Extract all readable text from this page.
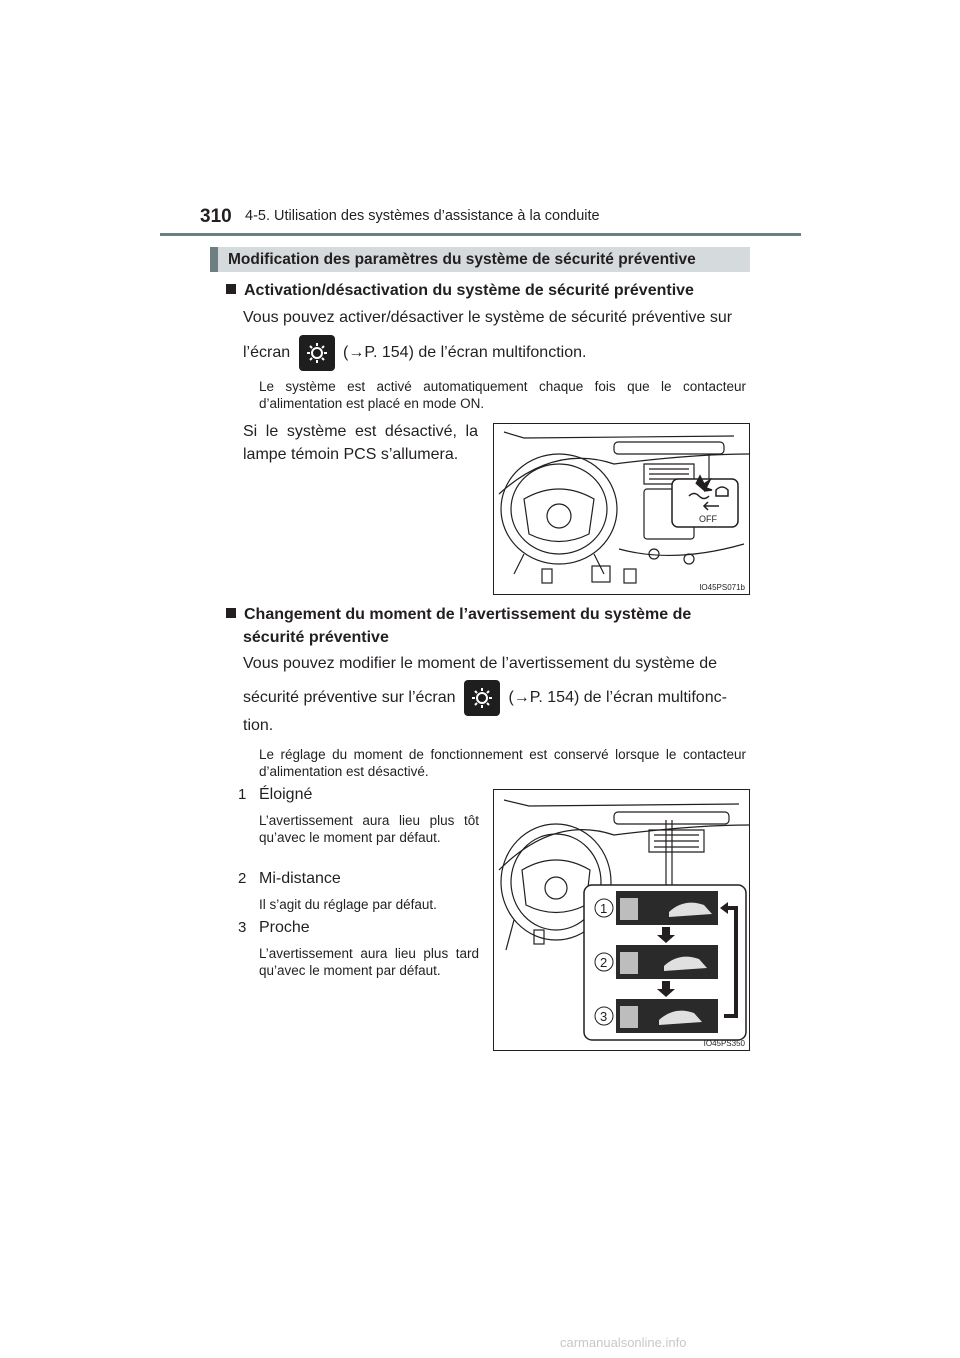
310 4-5. Utilisation des systèmes d’assistance à la conduite
Modification des paramètres du système de sécurité préventive
Activation/désactivation du système de sécurité préventive
Vous pouvez activer/désactiver le système de sécurité préventive sur
l’écran	(→P. 154) de l’écran multifonction.
Le système est activé automatiquement chaque fois que le contacteur d’alimentation est placé en mode ON.
Si le système est désactivé, la lampe témoin PCS s’allumera.
OFF
IO45PS071b
Changement du moment de l’avertissement du système de
sécurité préventive
Vous pouvez modifier le moment de l’avertissement du système de
sécurité préventive sur l’écran	(→P. 154) de l’écran multifonc-
tion.
Le réglage du moment de fonctionnement est conservé lorsque le contacteur d’alimentation est désactivé.
1 Éloigné
L’avertissement aura lieu plus tôt qu’avec le moment par défaut.
2 Mi-distance
Il s’agit du réglage par défaut.
3 Proche
L’avertissement aura lieu plus tard qu’avec le moment par défaut.
1
2
3
IO45PS350
carmanualsonline.info
